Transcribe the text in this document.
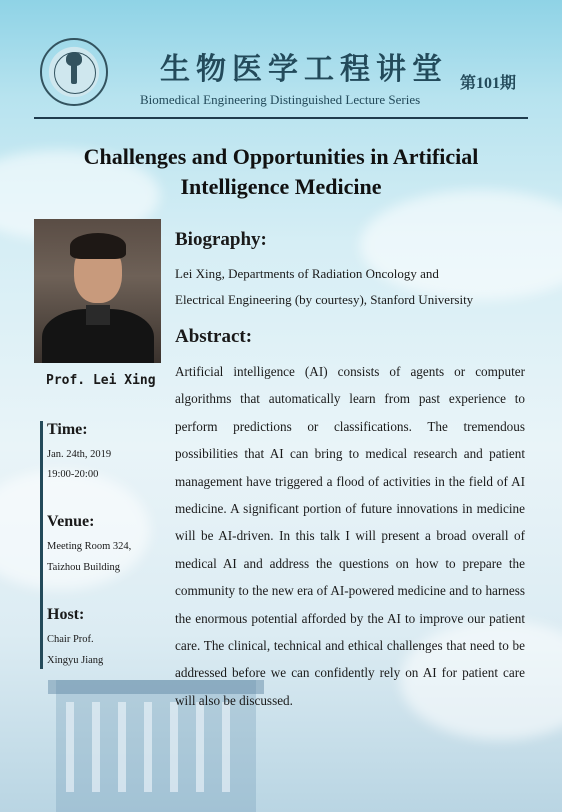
生物医学工程讲堂 第101期
Biomedical Engineering Distinguished Lecture Series
Challenges and Opportunities in Artificial
Intelligence Medicine
Prof. Lei Xing
Time:
Jan. 24th, 2019
19:00-20:00
Venue:
Meeting Room 324,
Taizhou Building
Host:
Chair Prof.
Xingyu Jiang
Biography:
Lei Xing, Departments of Radiation Oncology and
Electrical Engineering (by courtesy), Stanford University
Abstract:
Artificial intelligence (AI) consists of agents or computer algorithms that automatically learn from past experience to perform predictions or classifications. The tremendous possibilities that AI can bring to medical research and patient management have triggered a flood of activities in the field of AI medicine. A significant portion of future innovations in medicine will be AI-driven. In this talk I will present a broad overall of medical AI and address the questions on how to prepare the community to the new era of AI-powered medicine and to harness the enormous potential afforded by the AI to improve our patient care. The clinical, technical and ethical challenges that need to be addressed before we can confidently rely on AI for patient care will also be discussed.
